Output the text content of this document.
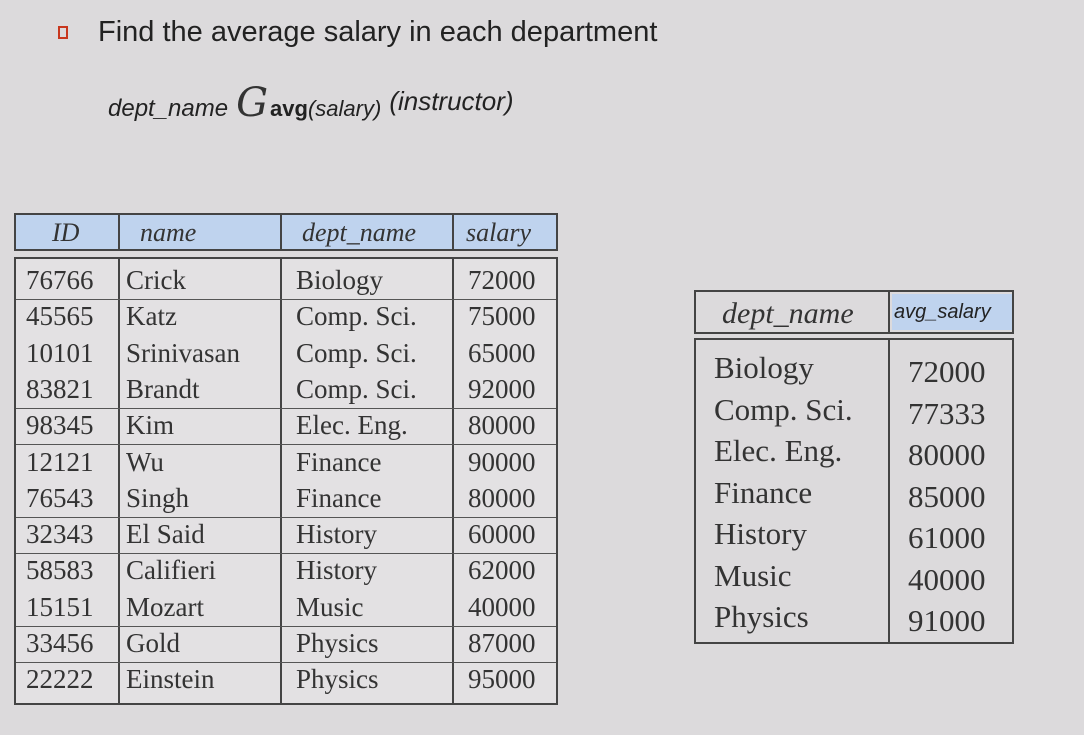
Find the average salary in each department
dept_name G avg ( salary ) (instructor)
ID name	dept_name salary
76766 Crick	Biology	72000
45565 Katz	Comp. Sci. 75000
10101 Srinivasan Comp. Sci. 65000
83821 Brandt	Comp. Sci. 92000
98345 Kim	Elec. Eng. 80000
12121 Wu	Finance	90000
76543 Singh	Finance	80000
32343 El Said	History	60000
58583 Califieri	History	62000
15151 Mozart	Music	40000
33456 Gold	Physics	87000
22222 Einstein	Physics	95000
dept_name avg_salary
Biology	72000
Comp. Sci. 77333
Elec. Eng. 80000
Finance	85000
History	61000
Music	40000
Physics	91000
